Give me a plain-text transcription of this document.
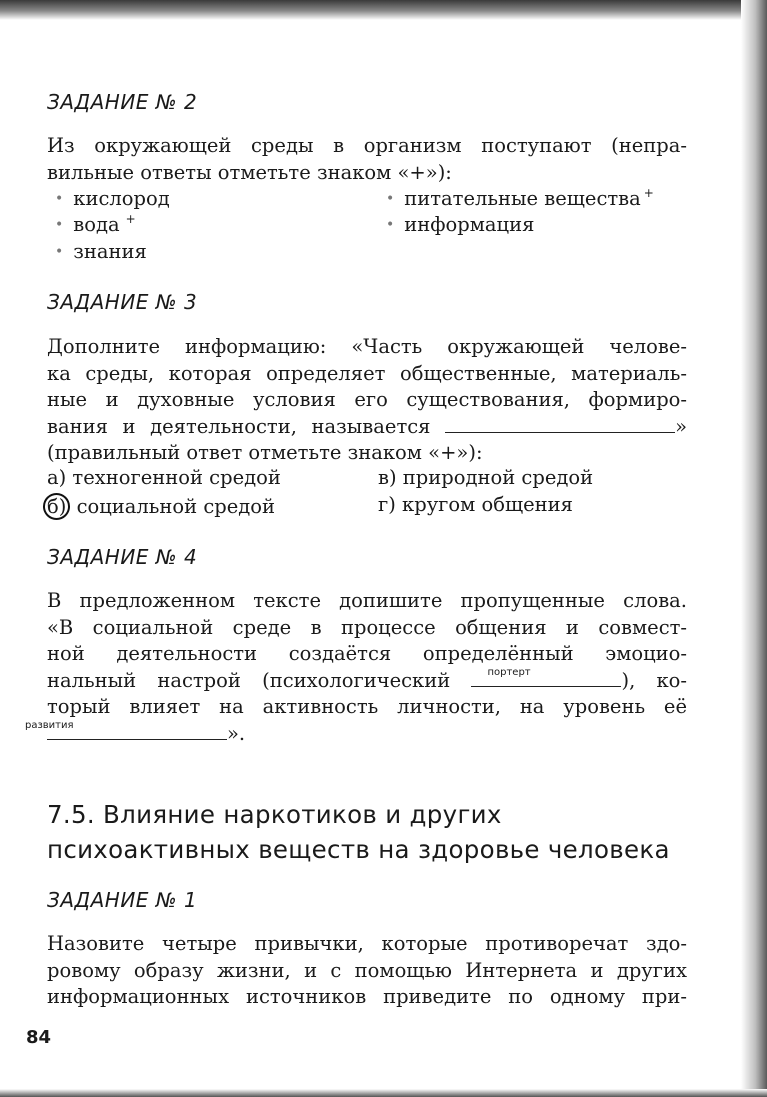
ЗАДАНИЕ № 2
Из окружающей среды в организм поступают (непра-
вильные ответы отметьте знаком «+»):
• кислород
• вода +
• знания
• питательные вещества +
• информация
ЗАДАНИЕ № 3
Дополните информацию: «Часть окружающей челове-
ка среды, которая определяет общественные, материаль-
ные и духовные условия его существования, формиро-
вания и деятельности, называется	»
(правильный ответ отметьте знаком «+»):
а) техногенной средой
б) социальной средой
в) природной средой
г) кругом общения
ЗАДАНИЕ № 4
В предложенном тексте допишите пропущенные слова.
«В социальной среде в процессе общения и совмест-
ной деятельности создаётся определённый эмоцио-
нальный настрой (психологический	портерт	), ко-
торый влияет на активность личности, на уровень её
развития	».
7.5. Влияние наркотиков и других
психоактивных веществ на здоровье человека
ЗАДАНИЕ № 1
Назовите четыре привычки, которые противоречат здо-
ровому образу жизни, и с помощью Интернета и других
информационных источников приведите по одному при-
84
